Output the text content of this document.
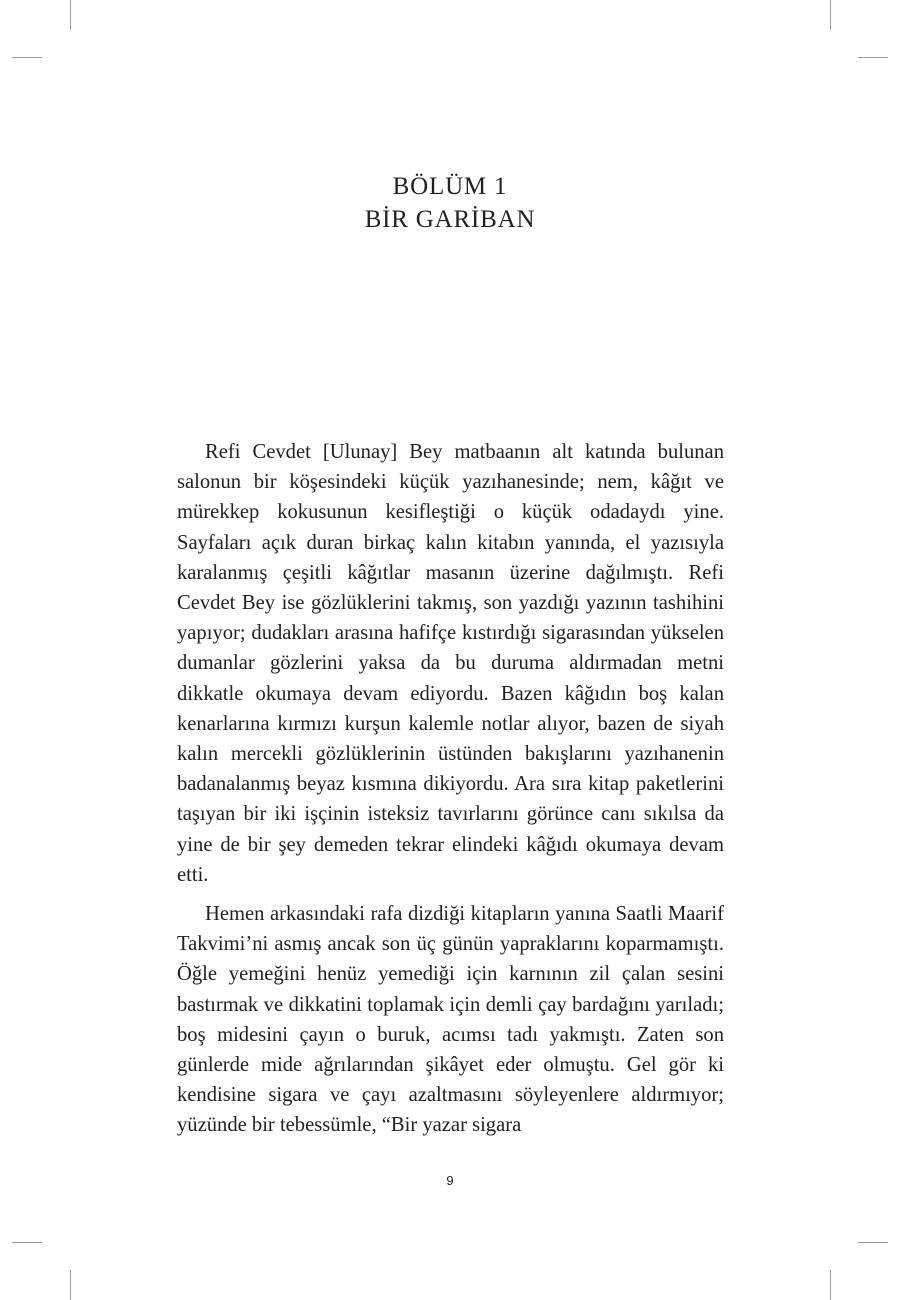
BÖLÜM 1
BİR GARİBAN

Refi Cevdet [Ulunay] Bey matbaanın alt katında bulunan salonun bir köşesindeki küçük yazıhanesinde; nem, kâğıt ve mürekkep kokusunun kesifleştiği o küçük odadaydı yine. Sayfaları açık duran birkaç kalın kitabın yanında, el yazısıyla karalanmış çeşitli kâğıtlar masanın üzerine dağılmıştı. Refi Cevdet Bey ise gözlüklerini takmış, son yazdığı yazının tashihini yapıyor; dudakları arasına hafifçe kıstırdığı sigarasından yükselen dumanlar gözlerini yaksa da bu duruma aldırmadan metni dikkatle okumaya devam ediyordu. Bazen kâğıdın boş kalan kenarlarına kırmızı kurşun kalemle notlar alıyor, bazen de siyah kalın mercekli gözlüklerinin üstünden bakışlarını yazıhanenin badanalanmış beyaz kısmına dikiyordu. Ara sıra kitap paketlerini taşıyan bir iki işçinin isteksiz tavırlarını görünce canı sıkılsa da yine de bir şey demeden tekrar elindeki kâğıdı okumaya devam etti.

Hemen arkasındaki rafa dizdiği kitapların yanına Saatli Maarif Takvimi’ni asmış ancak son üç günün yapraklarını koparmamıştı. Öğle yemeğini henüz yemediği için karnının zil çalan sesini bastırmak ve dikkatini toplamak için demli çay bardağını yarıladı; boş midesini çayın o buruk, acımsı tadı yakmıştı. Zaten son günlerde mide ağrılarından şikâyet eder olmuştu. Gel gör ki kendisine sigara ve çayı azaltmasını söyleyenlere aldırmıyor; yüzünde bir tebessümle, “Bir yazar sigara

9
